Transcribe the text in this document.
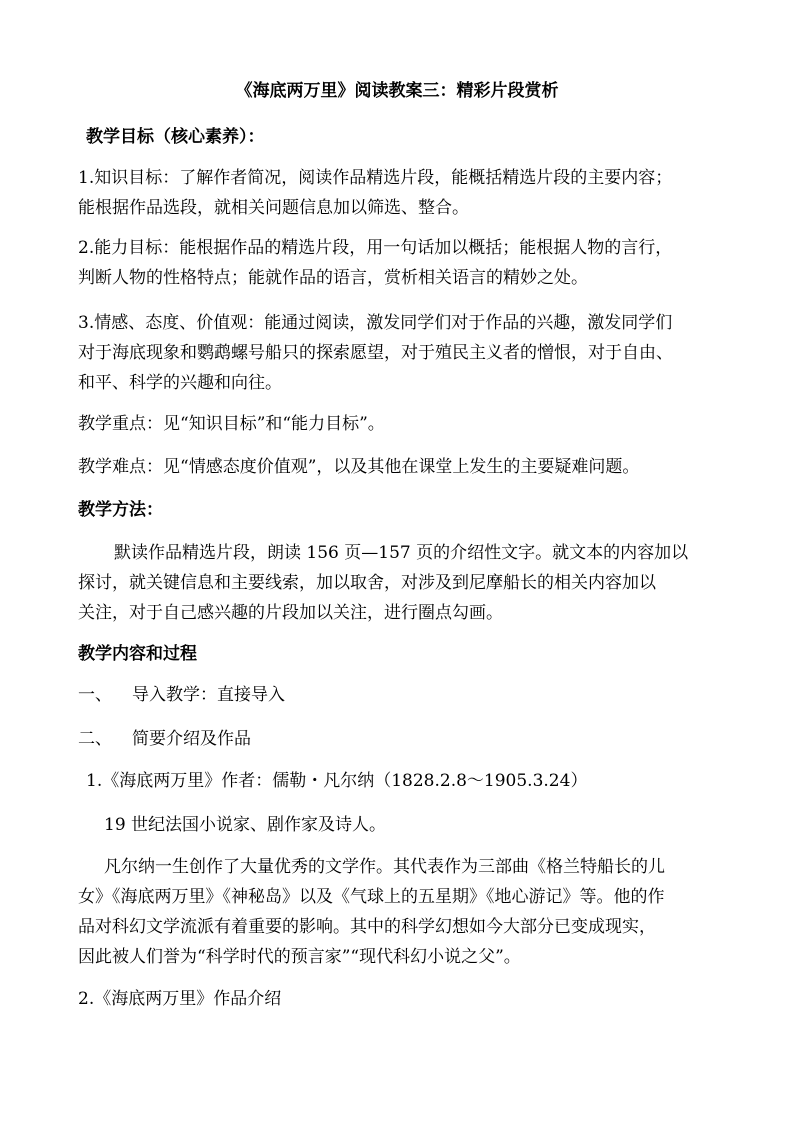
《海底两万里》阅读教案三：精彩片段赏析
教学目标（核心素养）：
1.知识目标：了解作者简况，阅读作品精选片段，能概括精选片段的主要内容；
能根据作品选段，就相关问题信息加以筛选、整合。
2.能力目标：能根据作品的精选片段，用一句话加以概括；能根据人物的言行，
判断人物的性格特点；能就作品的语言，赏析相关语言的精妙之处。
3.情感、态度、价值观：能通过阅读，激发同学们对于作品的兴趣，激发同学们
对于海底现象和鹦鹉螺号船只的探索愿望，对于殖民主义者的憎恨，对于自由、
和平、科学的兴趣和向往。
教学重点：见“知识目标”和“能力目标”。
教学难点：见“情感态度价值观”，以及其他在课堂上发生的主要疑难问题。
教学方法：
默读作品精选片段，朗读 156 页—157 页的介绍性文字。就文本的内容加以
探讨，就关键信息和主要线索，加以取舍，对涉及到尼摩船长的相关内容加以
关注，对于自己感兴趣的片段加以关注，进行圈点勾画。
教学内容和过程
一、 导入教学：直接导入
二、 简要介绍及作品
1.《海底两万里》作者：儒勒・凡尔纳（1828.2.8～1905.3.24）
19 世纪法国小说家、剧作家及诗人。
凡尔纳一生创作了大量优秀的文学作。其代表作为三部曲《格兰特船长的儿
女》《海底两万里》《神秘岛》以及《气球上的五星期》《地心游记》等。他的作
品对科幻文学流派有着重要的影响。其中的科学幻想如今大部分已变成现实，
因此被人们誉为“科学时代的预言家”“现代科幻小说之父”。
2.《海底两万里》作品介绍
